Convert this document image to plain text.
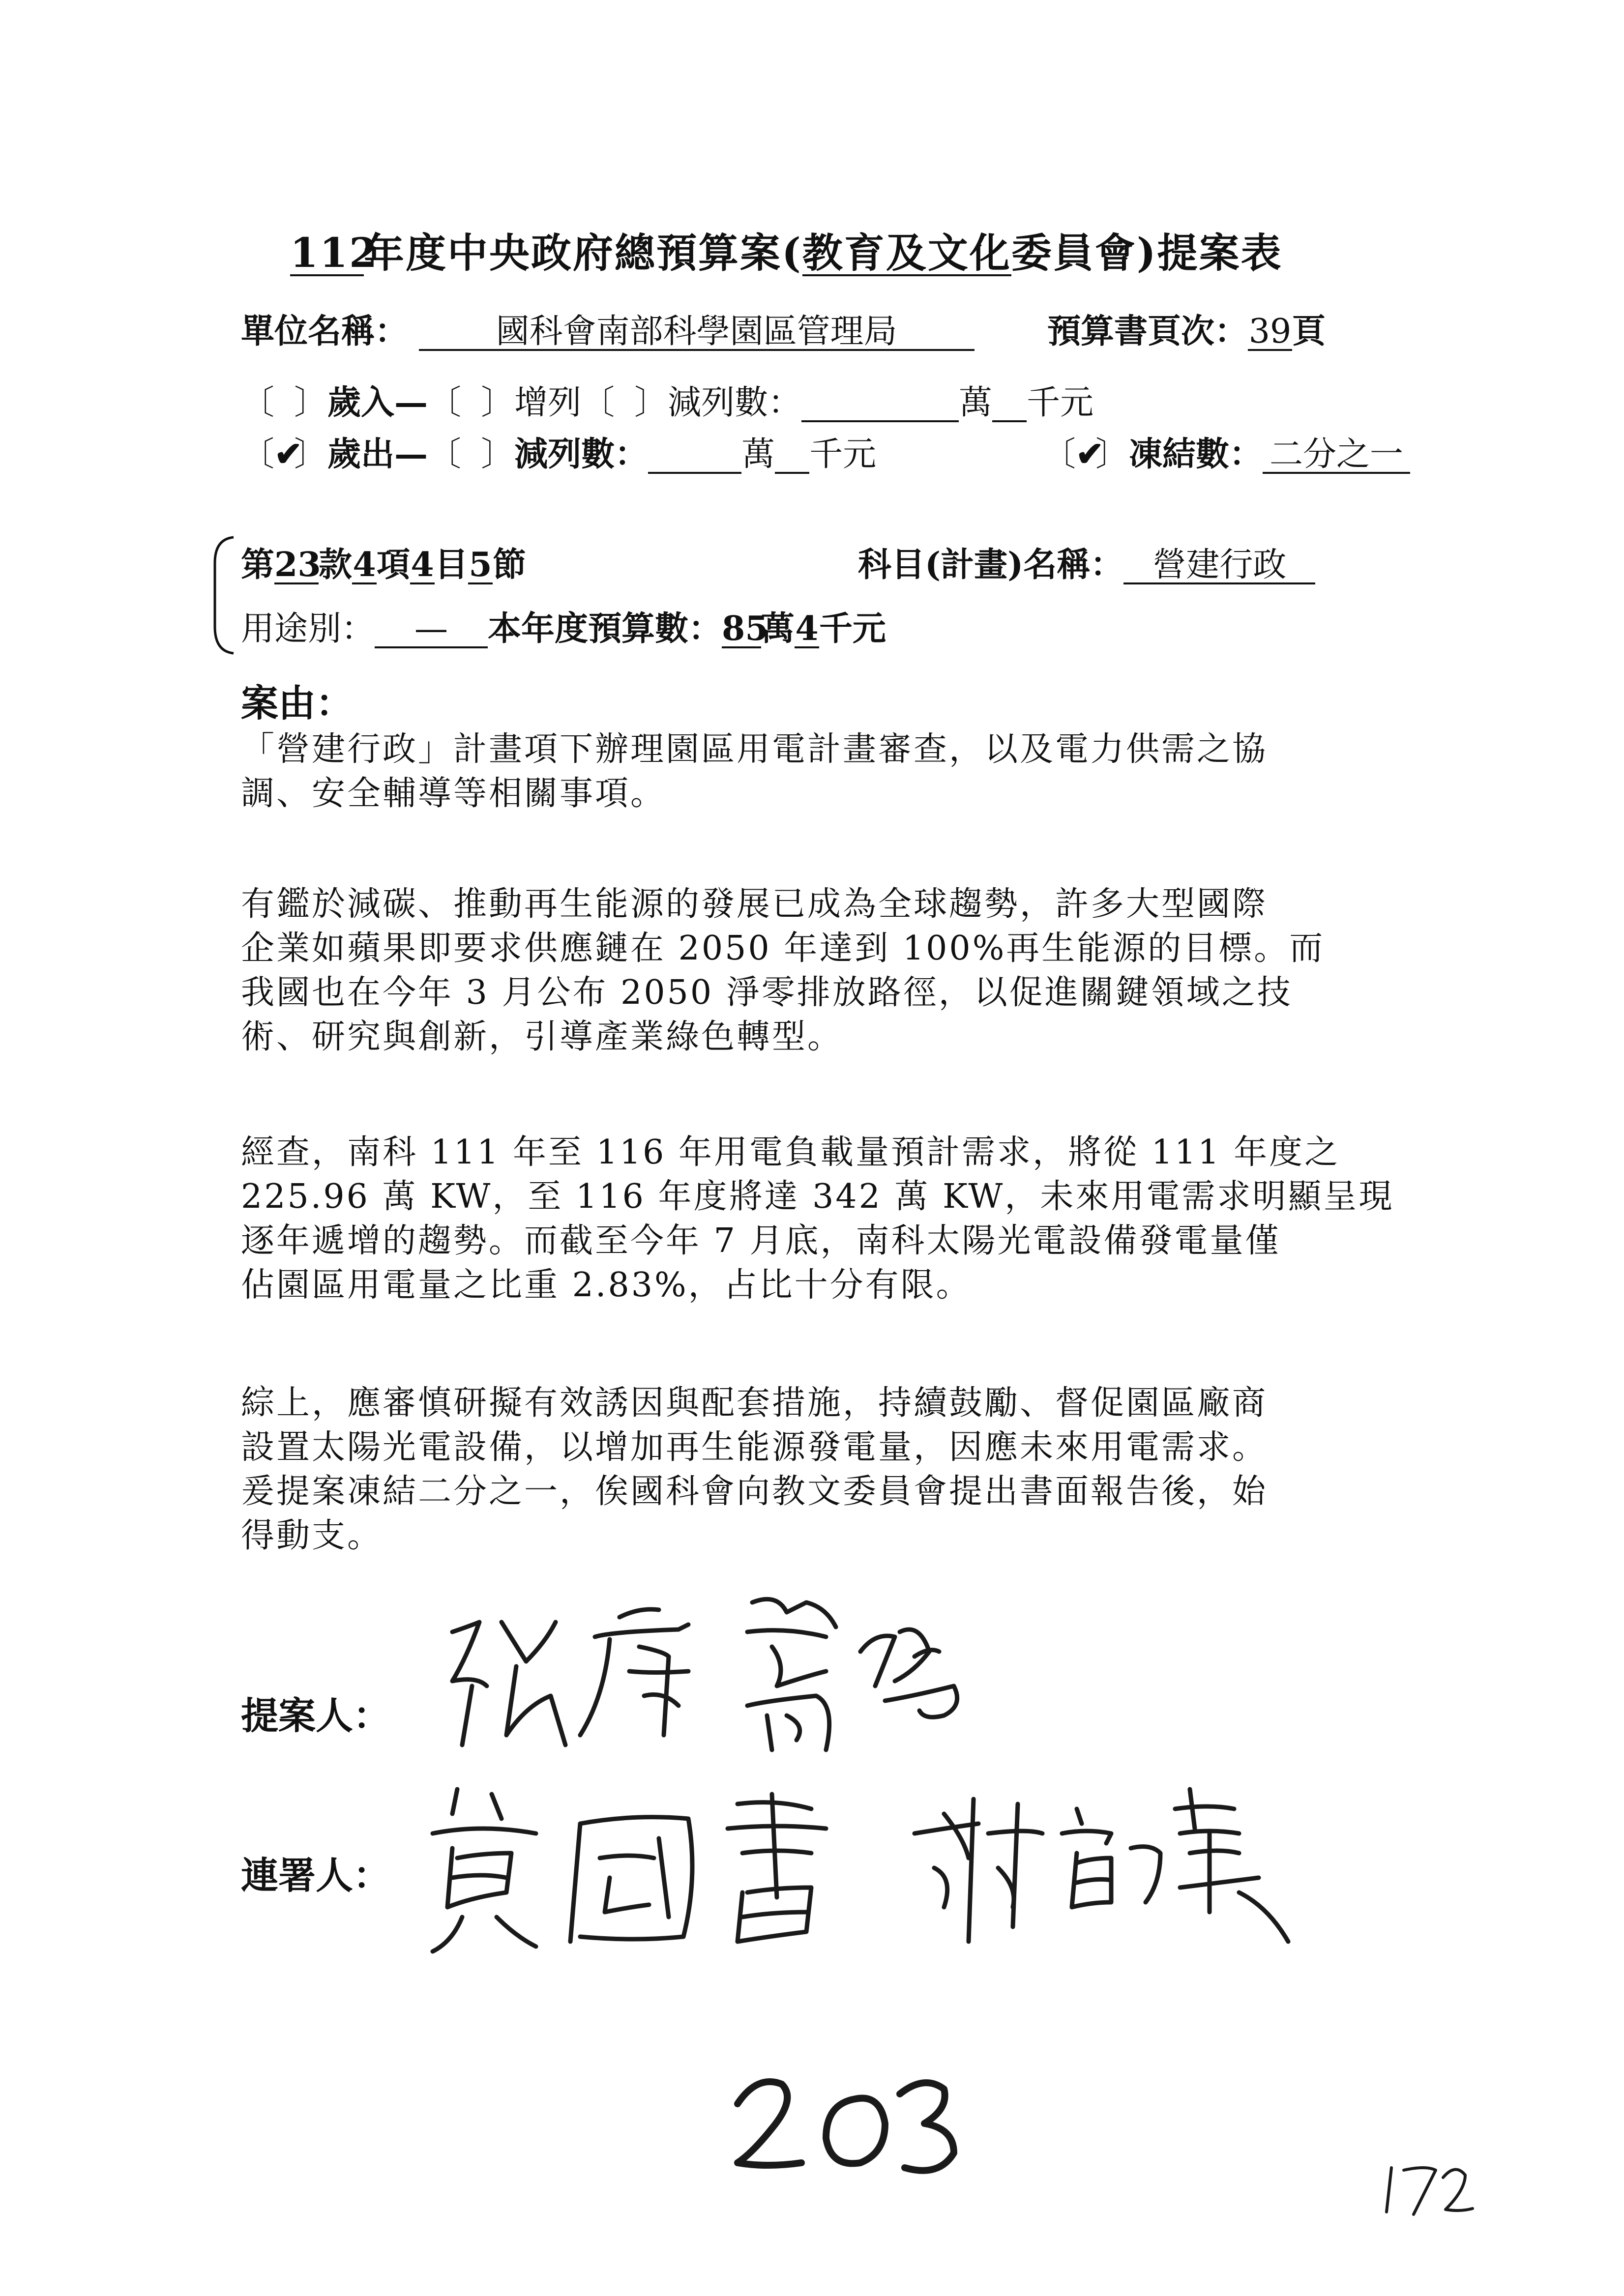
112年度中央政府總預算案(教育及文化委員會)提案表
單位名稱：	國科會南部科學園區管理局	預算書頁次：39頁
〔 〕歲入—〔 〕增列〔 〕減列數：	萬 千元
〔✔〕歲出—〔 〕減列數：	萬 千元	〔✔〕凍結數： 二分之一
第23款4項4目5節	科目(計畫)名稱： 營建行政
用途別： — 本年度預算數：85萬4千元
案由：

「營建行政」計畫項下辦理園區用電計畫審查，以及電力供需之協

調、安全輔導等相關事項。

有鑑於減碳、推動再生能源的發展已成為全球趨勢，許多大型國際

企業如蘋果即要求供應鏈在 2050 年達到 100%再生能源的目標。而

我國也在今年 3 月公布 2050 淨零排放路徑，以促進關鍵領域之技

術、研究與創新，引導產業綠色轉型。

經查，南科 111 年至 116 年用電負載量預計需求，將從 111 年度之

225.96 萬 KW，至 116 年度將達 342 萬 KW，未來用電需求明顯呈現

逐年遞增的趨勢。而截至今年 7 月底，南科太陽光電設備發電量僅

佔園區用電量之比重 2.83%，占比十分有限。

綜上，應審慎研擬有效誘因與配套措施，持續鼓勵、督促園區廠商

設置太陽光電設備，以增加再生能源發電量，因應未來用電需求。

爰提案凍結二分之一，俟國科會向教文委員會提出書面報告後，始

得動支。

提案人：
連署人：
